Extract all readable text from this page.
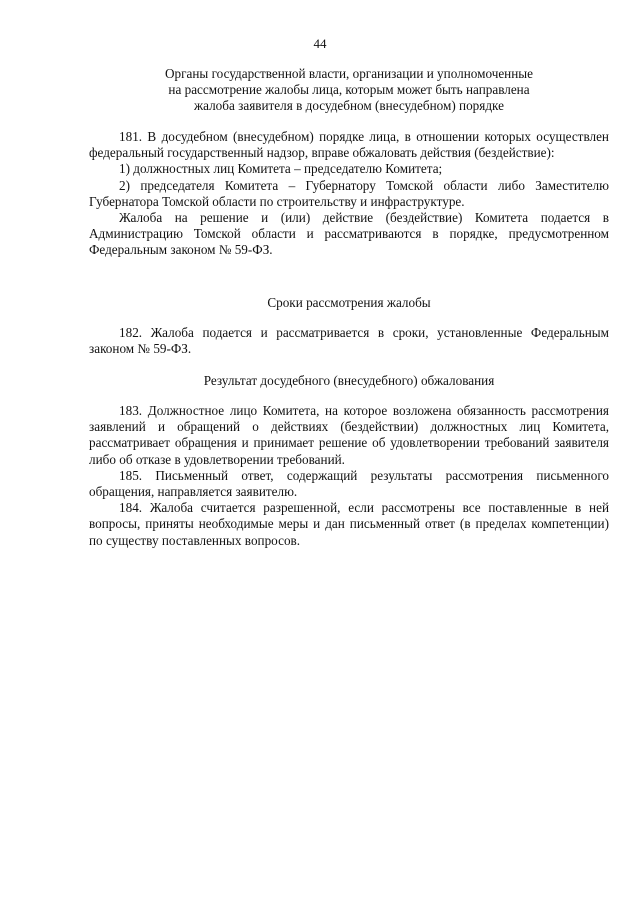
44
Органы государственной власти, организации и уполномоченные
на рассмотрение жалобы лица, которым может быть направлена
жалоба заявителя в досудебном (внесудебном) порядке

181. В досудебном (внесудебном) порядке лица, в отношении которых осуществлен федеральный государственный надзор, вправе обжаловать действия (бездействие):

1) должностных лиц Комитета – председателю Комитета;

2) председателя Комитета – Губернатору Томской области либо Заместителю Губернатора Томской области по строительству и инфраструктуре.

Жалоба на решение и (или) действие (бездействие) Комитета подается в Администрацию Томской области и рассматриваются в порядке, предусмотренном Федеральным законом № 59-ФЗ.

Сроки рассмотрения жалобы

182. Жалоба подается и рассматривается в сроки, установленные Федеральным законом № 59-ФЗ.

Результат досудебного (внесудебного) обжалования

183. Должностное лицо Комитета, на которое возложена обязанность рассмотрения заявлений и обращений о действиях (бездействии) должностных лиц Комитета, рассматривает обращения и принимает решение об удовлетворении требований заявителя либо об отказе в удовлетворении требований.

185. Письменный ответ, содержащий результаты рассмотрения письменного обращения, направляется заявителю.

184. Жалоба считается разрешенной, если рассмотрены все поставленные в ней вопросы, приняты необходимые меры и дан письменный ответ (в пределах компетенции) по существу поставленных вопросов.
